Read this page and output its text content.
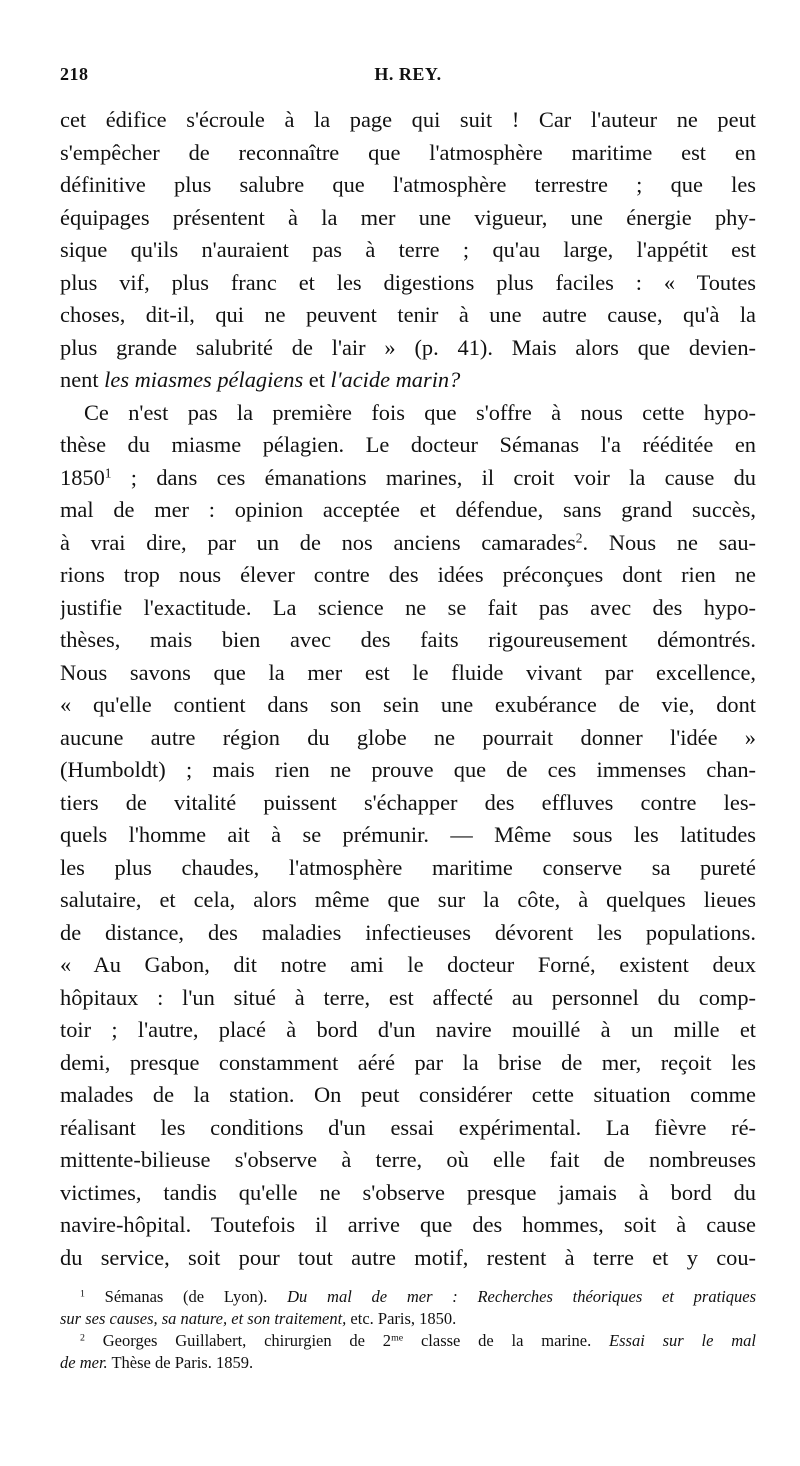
218	H. REY.
cet édifice s'écroule à la page qui suit ! Car l'auteur ne peut
s'empêcher de reconnaître que l'atmosphère maritime est en
définitive plus salubre que l'atmosphère terrestre ; que les
équipages présentent à la mer une vigueur, une énergie phy-
sique qu'ils n'auraient pas à terre ; qu'au large, l'appétit est
plus vif, plus franc et les digestions plus faciles : « Toutes
choses, dit-il, qui ne peuvent tenir à une autre cause, qu'à la
plus grande salubrité de l'air » (p. 41). Mais alors que devien-
nent les miasmes pélagiens et l'acide marin?
Ce n'est pas la première fois que s'offre à nous cette hypo-
thèse du miasme pélagien. Le docteur Sémanas l'a rééditée en
1850$^1$ ; dans ces émanations marines, il croit voir la cause du
mal de mer : opinion acceptée et défendue, sans grand succès,
à vrai dire, par un de nos anciens camarades$^2$. Nous ne sau-
rions trop nous élever contre des idées préconçues dont rien ne
justifie l'exactitude. La science ne se fait pas avec des hypo-
thèses, mais bien avec des faits rigoureusement démontrés.
Nous savons que la mer est le fluide vivant par excellence,
« qu'elle contient dans son sein une exubérance de vie, dont
aucune autre région du globe ne pourrait donner l'idée »
(Humboldt) ; mais rien ne prouve que de ces immenses chan-
tiers de vitalité puissent s'échapper des effluves contre les-
quels l'homme ait à se prémunir. — Même sous les latitudes
les plus chaudes, l'atmosphère maritime conserve sa pureté
salutaire, et cela, alors même que sur la côte, à quelques lieues
de distance, des maladies infectieuses dévorent les populations.
« Au Gabon, dit notre ami le docteur Forné, existent deux
hôpitaux : l'un situé à terre, est affecté au personnel du comp-
toir ; l'autre, placé à bord d'un navire mouillé à un mille et
demi, presque constamment aéré par la brise de mer, reçoit les
malades de la station. On peut considérer cette situation comme
réalisant les conditions d'un essai expérimental. La fièvre ré-
mittente-bilieuse s'observe à terre, où elle fait de nombreuses
victimes, tandis qu'elle ne s'observe presque jamais à bord du
navire-hôpital. Toutefois il arrive que des hommes, soit à cause
du service, soit pour tout autre motif, restent à terre et y cou-
$^1$ Sémanas (de Lyon). Du mal de mer : Recherches théoriques et pratiques
sur ses causes, sa nature, et son traitement, etc. Paris, 1850.
$^2$ Georges Guillabert, chirurgien de $2^{me}$ classe de la marine. Essai sur le mal
de mer. Thèse de Paris. 1859.
